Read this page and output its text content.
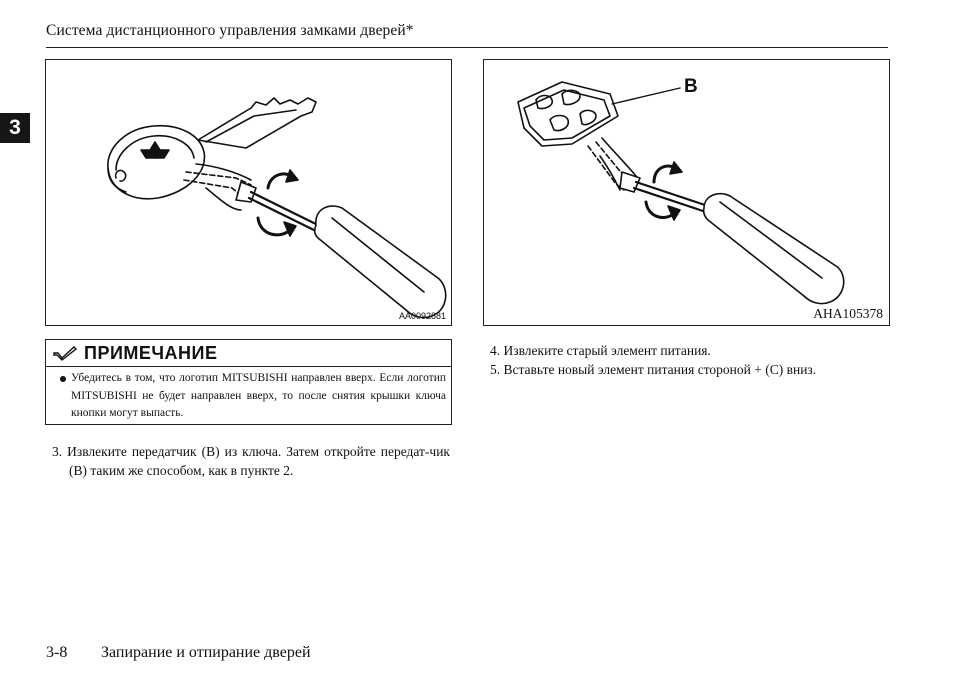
Система дистанционного управления замками дверей*
3
AA0092881
B
AHA105378
ПРИМЕЧАНИЕ
Убедитесь в том, что логотип MITSUBISHI направлен вверх. Если логотип MITSUBISHI не будет направлен вверх, то после снятия крышки ключа кнопки могут выпасть.
3. Извлеките передатчик (B) из ключа. Затем откройте передат-чик (B) таким же способом, как в пункте 2.
4. Извлеките старый элемент питания.
5. Вставьте новый элемент питания стороной + (C) вниз.
3-8 Запирание и отпирание дверей
